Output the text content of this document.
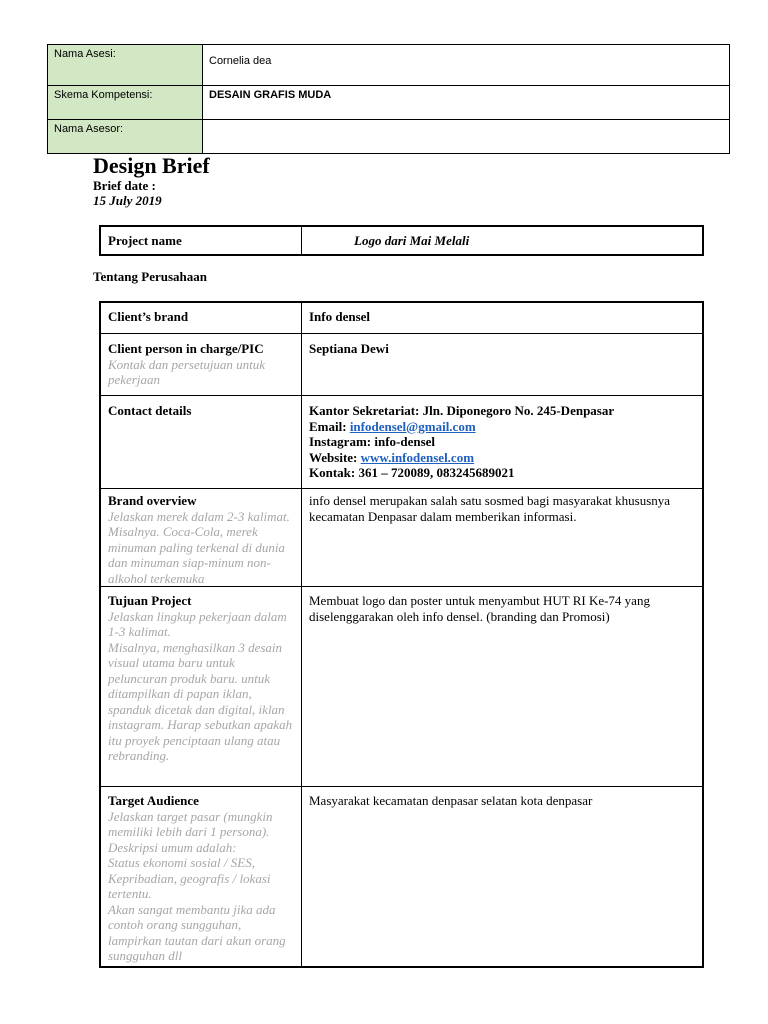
Nama Asesi:	Cornelia dea
Skema Kompetensi:	DESAIN GRAFIS MUDA
Nama Asesor:	
Design Brief
Brief date :
15 July 2019
Project name	Logo dari Mai Melali
Tentang Perusahaan
Client’s brand	Info densel

Client person in charge/PIC
Kontak dan persetujuan untuk pekerjaan	Septiana Dewi

Contact details	Kantor Sekretariat: Jln. Diponegoro No. 245-Denpasar
Email: infodensel@gmail.com
Instagram: info-densel
Website: www.infodensel.com
Kontak: 361 – 720089, 083245689021

Brand overview
Jelaskan merek dalam 2-3 kalimat. Misalnya. Coca-Cola, merek minuman paling terkenal di dunia dan minuman siap-minum non-alkohol terkemuka	info densel merupakan salah satu sosmed bagi masyarakat khususnya kecamatan Denpasar dalam memberikan informasi.

Tujuan Project
Jelaskan lingkup pekerjaan dalam 1-3 kalimat.
Misalnya, menghasilkan 3 desain visual utama baru untuk peluncuran produk baru. untuk ditampilkan di papan iklan, spanduk dicetak dan digital, iklan instagram. Harap sebutkan apakah itu proyek penciptaan ulang atau rebranding.	Membuat logo dan poster untuk menyambut HUT RI Ke-74 yang diselenggarakan oleh info densel. (branding dan Promosi)

Target Audience
Jelaskan target pasar (mungkin memiliki lebih dari 1 persona).
Deskripsi umum adalah:
Status ekonomi sosial / SES, Kepribadian, geografis / lokasi tertentu.
Akan sangat membantu jika ada contoh orang sungguhan, lampirkan tautan dari akun orang sungguhan dll	Masyarakat kecamatan denpasar selatan kota denpasar
